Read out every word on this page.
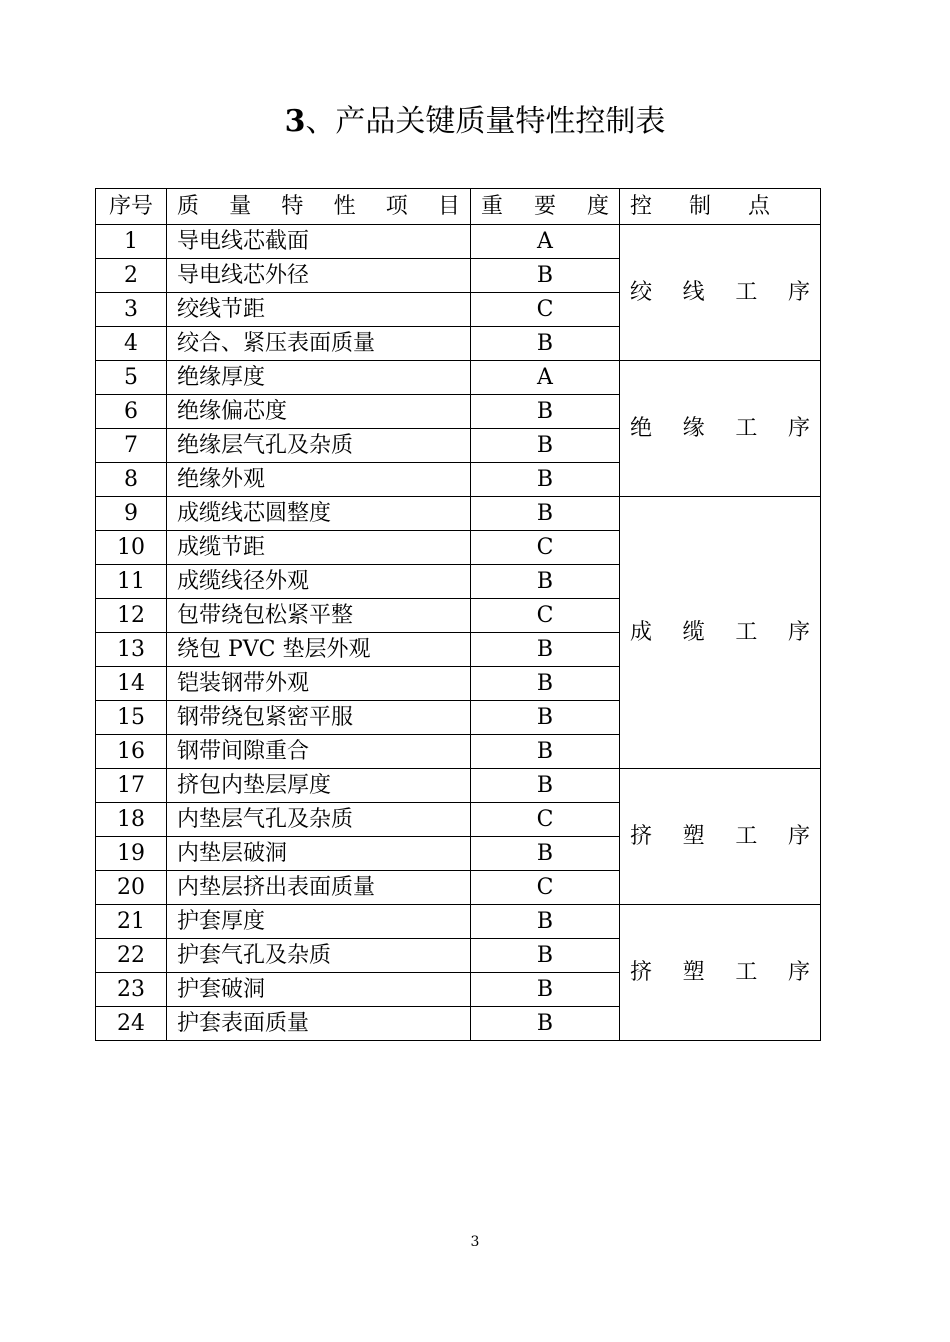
3、产品关键质量特性控制表
序号	质量特性项目	重要度	控制点
1	导电线芯截面	A	绞线工序

2	导电线芯外径	B	
3	绞线节距	C	
4	绞合、紧压表面质量	B	
5	绝缘厚度	A	绝缘工序

6	绝缘偏芯度	B	
7	绝缘层气孔及杂质	B	
8	绝缘外观	B	
9	成缆线芯圆整度	B	成缆工序

10	成缆节距	C	
11	成缆线径外观	B	
12	包带绕包松紧平整	C	
13	绕包 PVC 垫层外观	B	
14	铠装钢带外观	B	
15	钢带绕包紧密平服	B	
16	钢带间隙重合	B	
17	挤包内垫层厚度	B	挤塑工序

18	内垫层气孔及杂质	C	
19	内垫层破洞	B	
20	内垫层挤出表面质量	C	
21	护套厚度	B	挤塑工序

22	护套气孔及杂质	B	
23	护套破洞	B	
24	护套表面质量	B	
3
